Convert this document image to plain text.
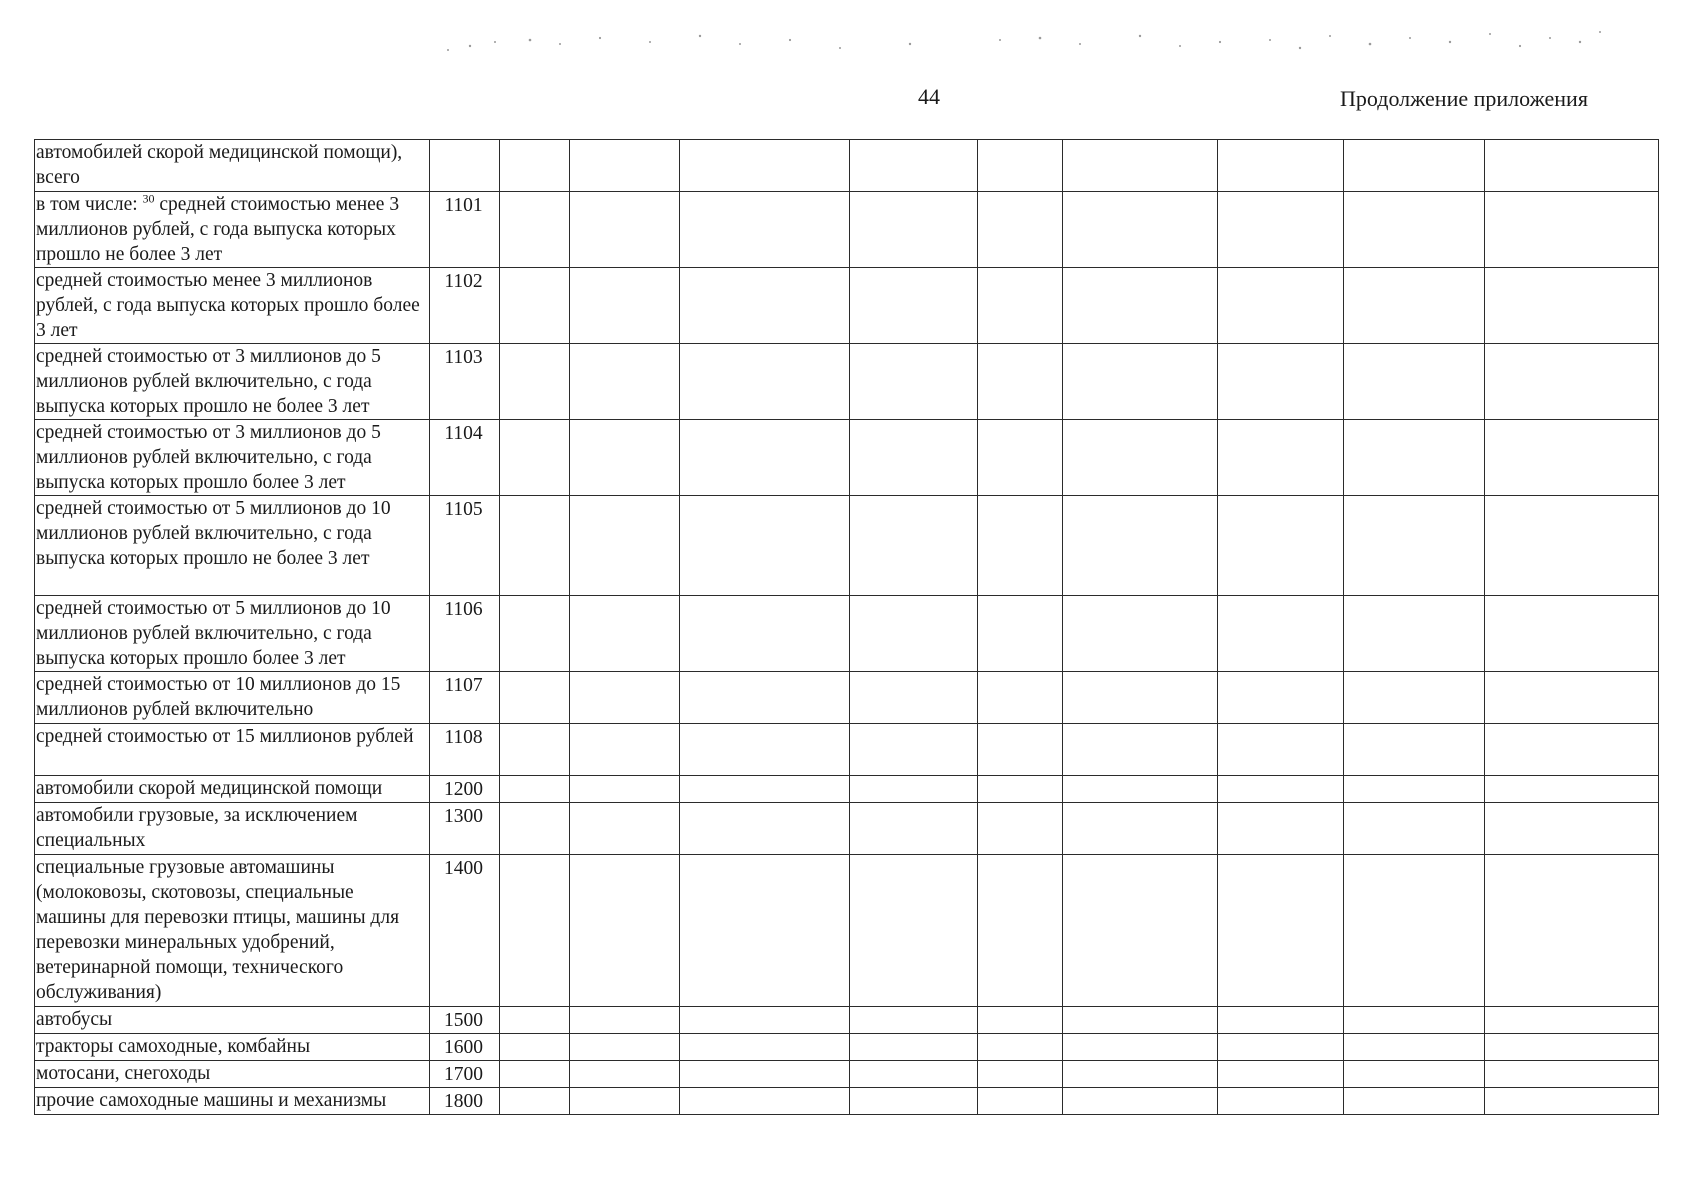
44	Продолжение приложения
автомобилей скорой медицинской помощи), всего										
в том числе: $^{30}$ средней стоимостью менее 3 миллионов рублей, с года выпуска которых прошло не более 3 лет	1101									
средней стоимостью менее 3 миллионов рублей, с года выпуска которых прошло более 3 лет	1102									
средней стоимостью от 3 миллионов до 5 миллионов рублей включительно, с года выпуска которых прошло не более 3 лет	1103									
средней стоимостью от 3 миллионов до 5 миллионов рублей включительно, с года выпуска которых прошло более 3 лет	1104									
средней стоимостью от 5 миллионов до 10 миллионов рублей включительно, с года выпуска которых прошло не более 3 лет	1105									
средней стоимостью от 5 миллионов до 10 миллионов рублей включительно, с года выпуска которых прошло более 3 лет	1106									
средней стоимостью от 10 миллионов до 15 миллионов рублей включительно	1107									
средней стоимостью от 15 миллионов рублей	1108									
автомобили скорой медицинской помощи	1200									
автомобили грузовые, за исключением специальных	1300									
специальные грузовые автомашины (молоковозы, скотовозы, специальные машины для перевозки птицы, машины для перевозки минеральных удобрений, ветеринарной помощи, технического обслуживания)	1400									
автобусы	1500									
тракторы самоходные, комбайны	1600									
мотосани, снегоходы	1700									
прочие самоходные машины и механизмы	1800									
